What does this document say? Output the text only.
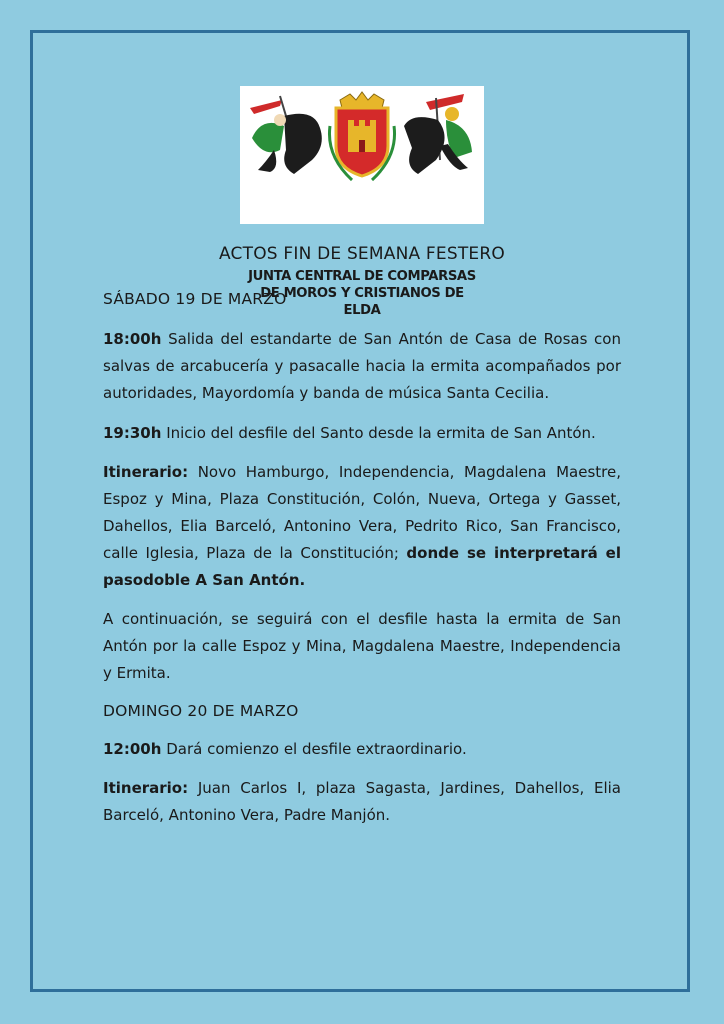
JUNTA CENTRAL DE COMPARSAS
DE MOROS Y CRISTIANOS DE ELDA
ACTOS FIN DE SEMANA FESTERO

SÁBADO 19 DE MARZO

18:00h Salida del estandarte de San Antón de Casa de Rosas con salvas de arcabucería y pasacalle hacia la ermita acompañados por autoridades, Mayordomía y banda de música Santa Cecilia.

19:30h Inicio del desfile del Santo desde la ermita de San Antón.

Itinerario: Novo Hamburgo, Independencia, Magdalena Maestre, Espoz y Mina, Plaza Constitución, Colón, Nueva, Ortega y Gasset, Dahellos, Elia Barceló, Antonino Vera, Pedrito Rico, San Francisco, calle Iglesia, Plaza de la Constitución; donde se interpretará el pasodoble A San Antón.

A continuación, se seguirá con el desfile hasta la ermita de San Antón por la calle Espoz y Mina, Magdalena Maestre, Independencia y Ermita.

DOMINGO 20 DE MARZO

12:00h Dará comienzo el desfile extraordinario.

Itinerario: Juan Carlos I, plaza Sagasta, Jardines, Dahellos, Elia Barceló, Antonino Vera, Padre Manjón.
